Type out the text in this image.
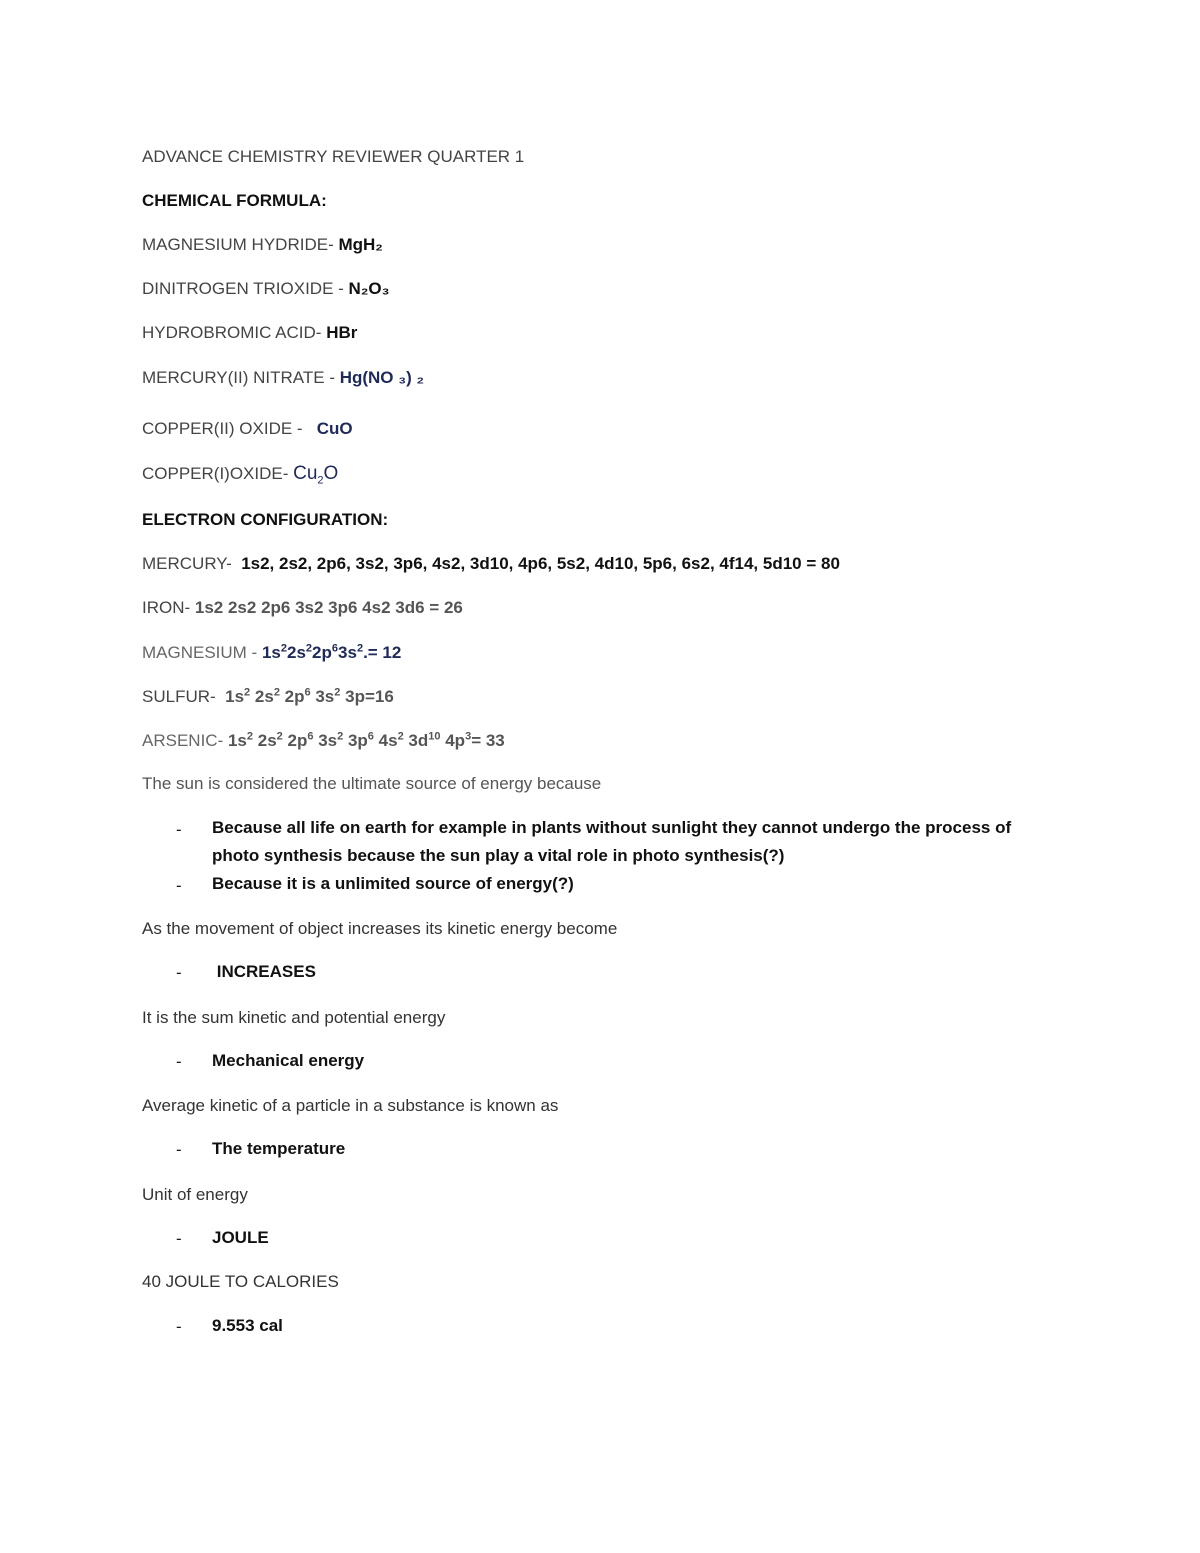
ADVANCE CHEMISTRY REVIEWER QUARTER 1
CHEMICAL FORMULA:
MAGNESIUM HYDRIDE- MgH₂
DINITROGEN TRIOXIDE - N₂O₃
HYDROBROMIC ACID- HBr
MERCURY(II) NITRATE - Hg(NO ₃) ₂
COPPER(II) OXIDE -   CuO
COPPER(I)OXIDE- $Cu_2O$
ELECTRON CONFIGURATION:
MERCURY-  1s2, 2s2, 2p6, 3s2, 3p6, 4s2, 3d10, 4p6, 5s2, 4d10, 5p6, 6s2, 4f14, 5d10 = 80
IRON- 1s2 2s2 2p6 3s2 3p6 4s2 3d6 = 26
MAGNESIUM - $1s^22s^22p^63s^2.= 12$
SULFUR-  $1s^2$ $2s^2$ $2p^6$ $3s^2$ 3p=16
ARSENIC- $1s^2$ $2s^2$ $2p^6$ $3s^2$ $3p^6$ $4s^2$ $3d^{10}$ $4p^3= 33$
The sun is considered the ultimate source of energy because
- Because all life on earth for example in plants without sunlight they cannot undergo the process of photo synthesis because the sun play a vital role in photo synthesis(?)
- Because it is a unlimited source of energy(?)
As the movement of object increases its kinetic energy become
- INCREASES
It is the sum kinetic and potential energy
- Mechanical energy
Average kinetic of a particle in a substance is known as
- The temperature
Unit of energy
- JOULE
40 JOULE TO CALORIES
- 9.553 cal
